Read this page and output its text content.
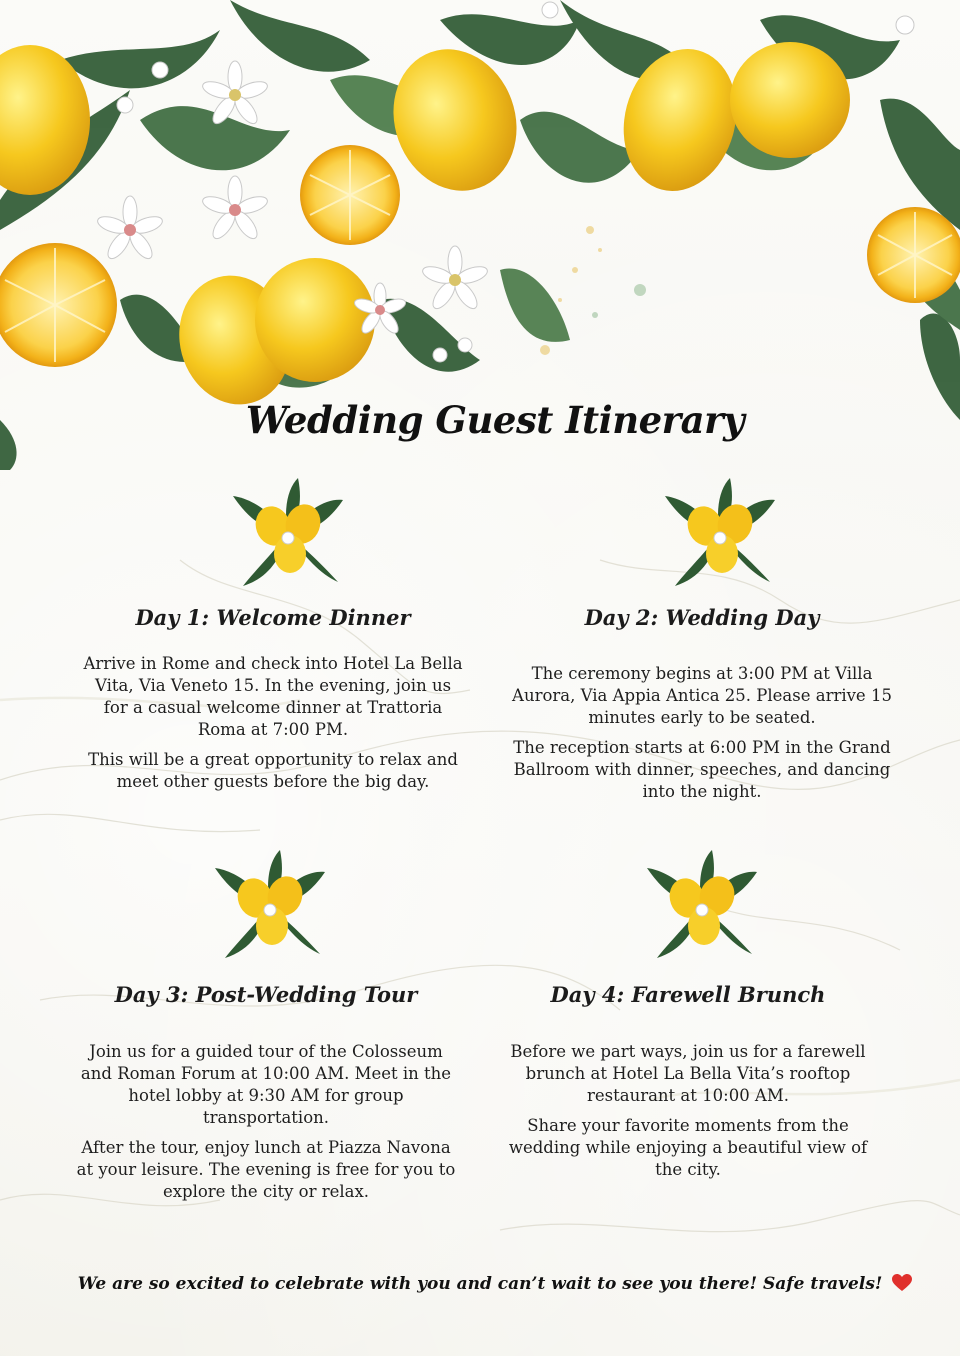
Wedding Guest Itinerary
Day 1: Welcome Dinner

Arrive in Rome and check into Hotel La Bella Vita, Via Veneto 15. In the evening, join us for a casual welcome dinner at Trattoria Roma at 7:00 PM.

This will be a great opportunity to relax and meet other guests before the big day.

Day 2: Wedding Day

The ceremony begins at 3:00 PM at Villa Aurora, Via Appia Antica 25. Please arrive 15 minutes early to be seated.

The reception starts at 6:00 PM in the Grand Ballroom with dinner, speeches, and dancing into the night.

Day 3: Post-Wedding Tour

Join us for a guided tour of the Colosseum and Roman Forum at 10:00 AM. Meet in the hotel lobby at 9:30 AM for group transportation.

After the tour, enjoy lunch at Piazza Navona at your leisure. The evening is free for you to explore the city or relax.

Day 4: Farewell Brunch

Before we part ways, join us for a farewell brunch at Hotel La Bella Vita’s rooftop restaurant at 10:00 AM.

Share your favorite moments from the wedding while enjoying a beautiful view of the city.

We are so excited to celebrate with you and can’t wait to see you there! Safe travels!
